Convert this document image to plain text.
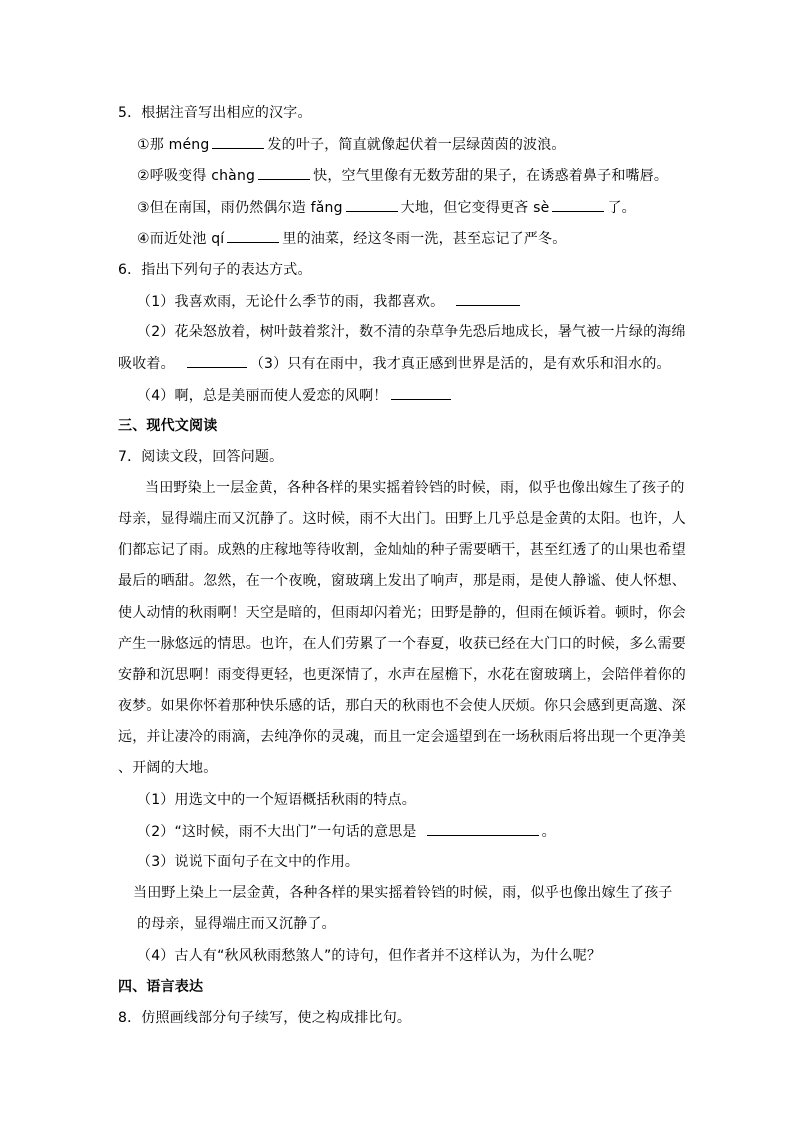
5．根据注音写出相应的汉字。
①那 méng	发的叶子，简直就像起伏着一层绿茵茵的波浪。
②呼吸变得 chàng	快，空气里像有无数芳甜的果子，在诱惑着鼻子和嘴唇。
③但在南国，雨仍然偶尔造 fǎng	大地，但它变得更吝 sè	了。
④而近处池 qí	里的油菜，经这冬雨一洗，甚至忘记了严冬。
6．指出下列句子的表达方式。
（1）我喜欢雨，无论什么季节的雨，我都喜欢。
（2）花朵怒放着，树叶鼓着浆汁，数不清的杂草争先恐后地成长，暑气被一片绿的海绵
吸收着。	（3）只有在雨中，我才真正感到世界是活的，是有欢乐和泪水的。
（4）啊，总是美丽而使人爱恋的风啊！
三、现代文阅读
7．阅读文段，回答问题。
当田野染上一层金黄，各种各样的果实摇着铃铛的时候，雨，似乎也像出嫁生了孩子的
母亲，显得端庄而又沉静了。这时候，雨不大出门。田野上几乎总是金黄的太阳。也许，人
们都忘记了雨。成熟的庄稼地等待收割，金灿灿的种子需要晒干，甚至红透了的山果也希望
最后的晒甜。忽然，在一个夜晚，窗玻璃上发出了响声，那是雨，是使人静谧、使人怀想、
使人动情的秋雨啊！天空是暗的，但雨却闪着光；田野是静的，但雨在倾诉着。顿时，你会
产生一脉悠远的情思。也许，在人们劳累了一个春夏，收获已经在大门口的时候，多么需要
安静和沉思啊！雨变得更轻，也更深情了，水声在屋檐下，水花在窗玻璃上，会陪伴着你的
夜梦。如果你怀着那种快乐感的话，那白天的秋雨也不会使人厌烦。你只会感到更高邈、深
远，并让凄冷的雨滴，去纯净你的灵魂，而且一定会遥望到在一场秋雨后将出现一个更净美
、开阔的大地。
（1）用选文中的一个短语概括秋雨的特点。
（2）“这时候，雨不大出门”一句话的意思是	。
（3）说说下面句子在文中的作用。
当田野上染上一层金黄，各种各样的果实摇着铃铛的时候，雨，似乎也像出嫁生了孩子
的母亲，显得端庄而又沉静了。
（4）古人有“秋风秋雨愁煞人”的诗句，但作者并不这样认为，为什么呢？
四、语言表达
8．仿照画线部分句子续写，使之构成排比句。
